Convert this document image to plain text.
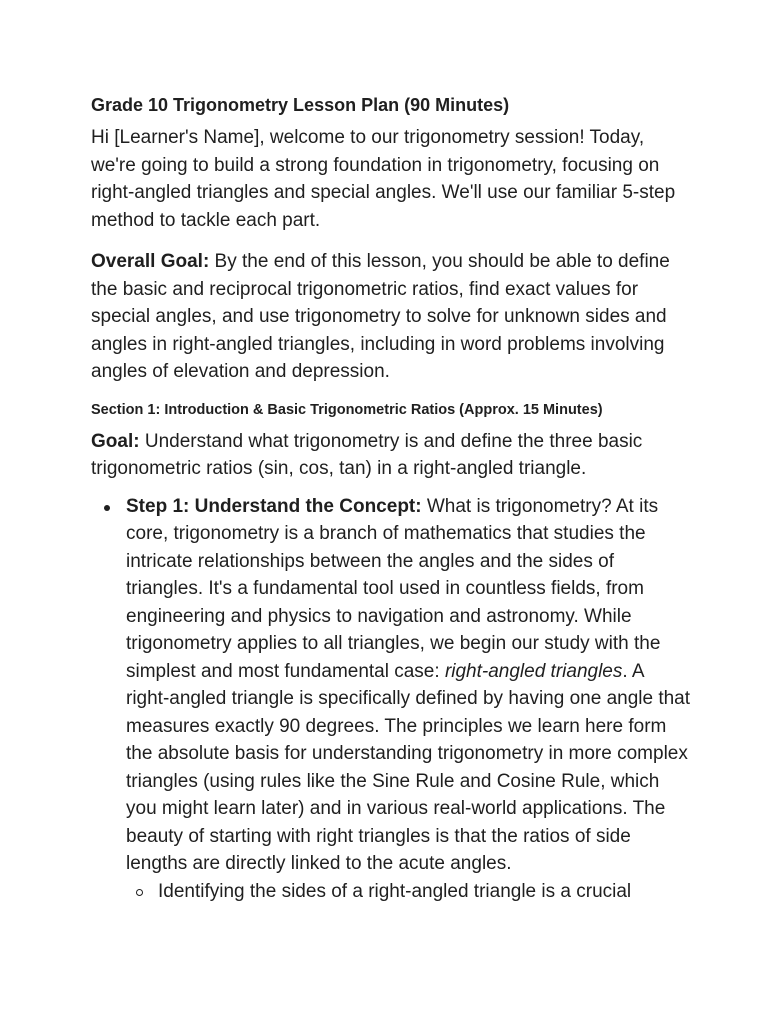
Grade 10 Trigonometry Lesson Plan (90 Minutes)

Hi [Learner's Name], welcome to our trigonometry session! Today, we're going to build a strong foundation in trigonometry, focusing on right-angled triangles and special angles. We'll use our familiar 5-step method to tackle each part.

Overall Goal: By the end of this lesson, you should be able to define the basic and reciprocal trigonometric ratios, find exact values for special angles, and use trigonometry to solve for unknown sides and angles in right-angled triangles, including in word problems involving angles of elevation and depression.

Section 1: Introduction & Basic Trigonometric Ratios (Approx. 15 Minutes)

Goal: Understand what trigonometry is and define the three basic trigonometric ratios (sin, cos, tan) in a right-angled triangle.

Step 1: Understand the Concept: What is trigonometry? At its core, trigonometry is a branch of mathematics that studies the intricate relationships between the angles and the sides of triangles. It's a fundamental tool used in countless fields, from engineering and physics to navigation and astronomy. While trigonometry applies to all triangles, we begin our study with the simplest and most fundamental case: right-angled triangles. A right-angled triangle is specifically defined by having one angle that measures exactly 90 degrees. The principles we learn here form the absolute basis for understanding trigonometry in more complex triangles (using rules like the Sine Rule and Cosine Rule, which you might learn later) and in various real-world applications. The beauty of starting with right triangles is that the ratios of side lengths are directly linked to the acute angles.
Identifying the sides of a right-angled triangle is a crucial
